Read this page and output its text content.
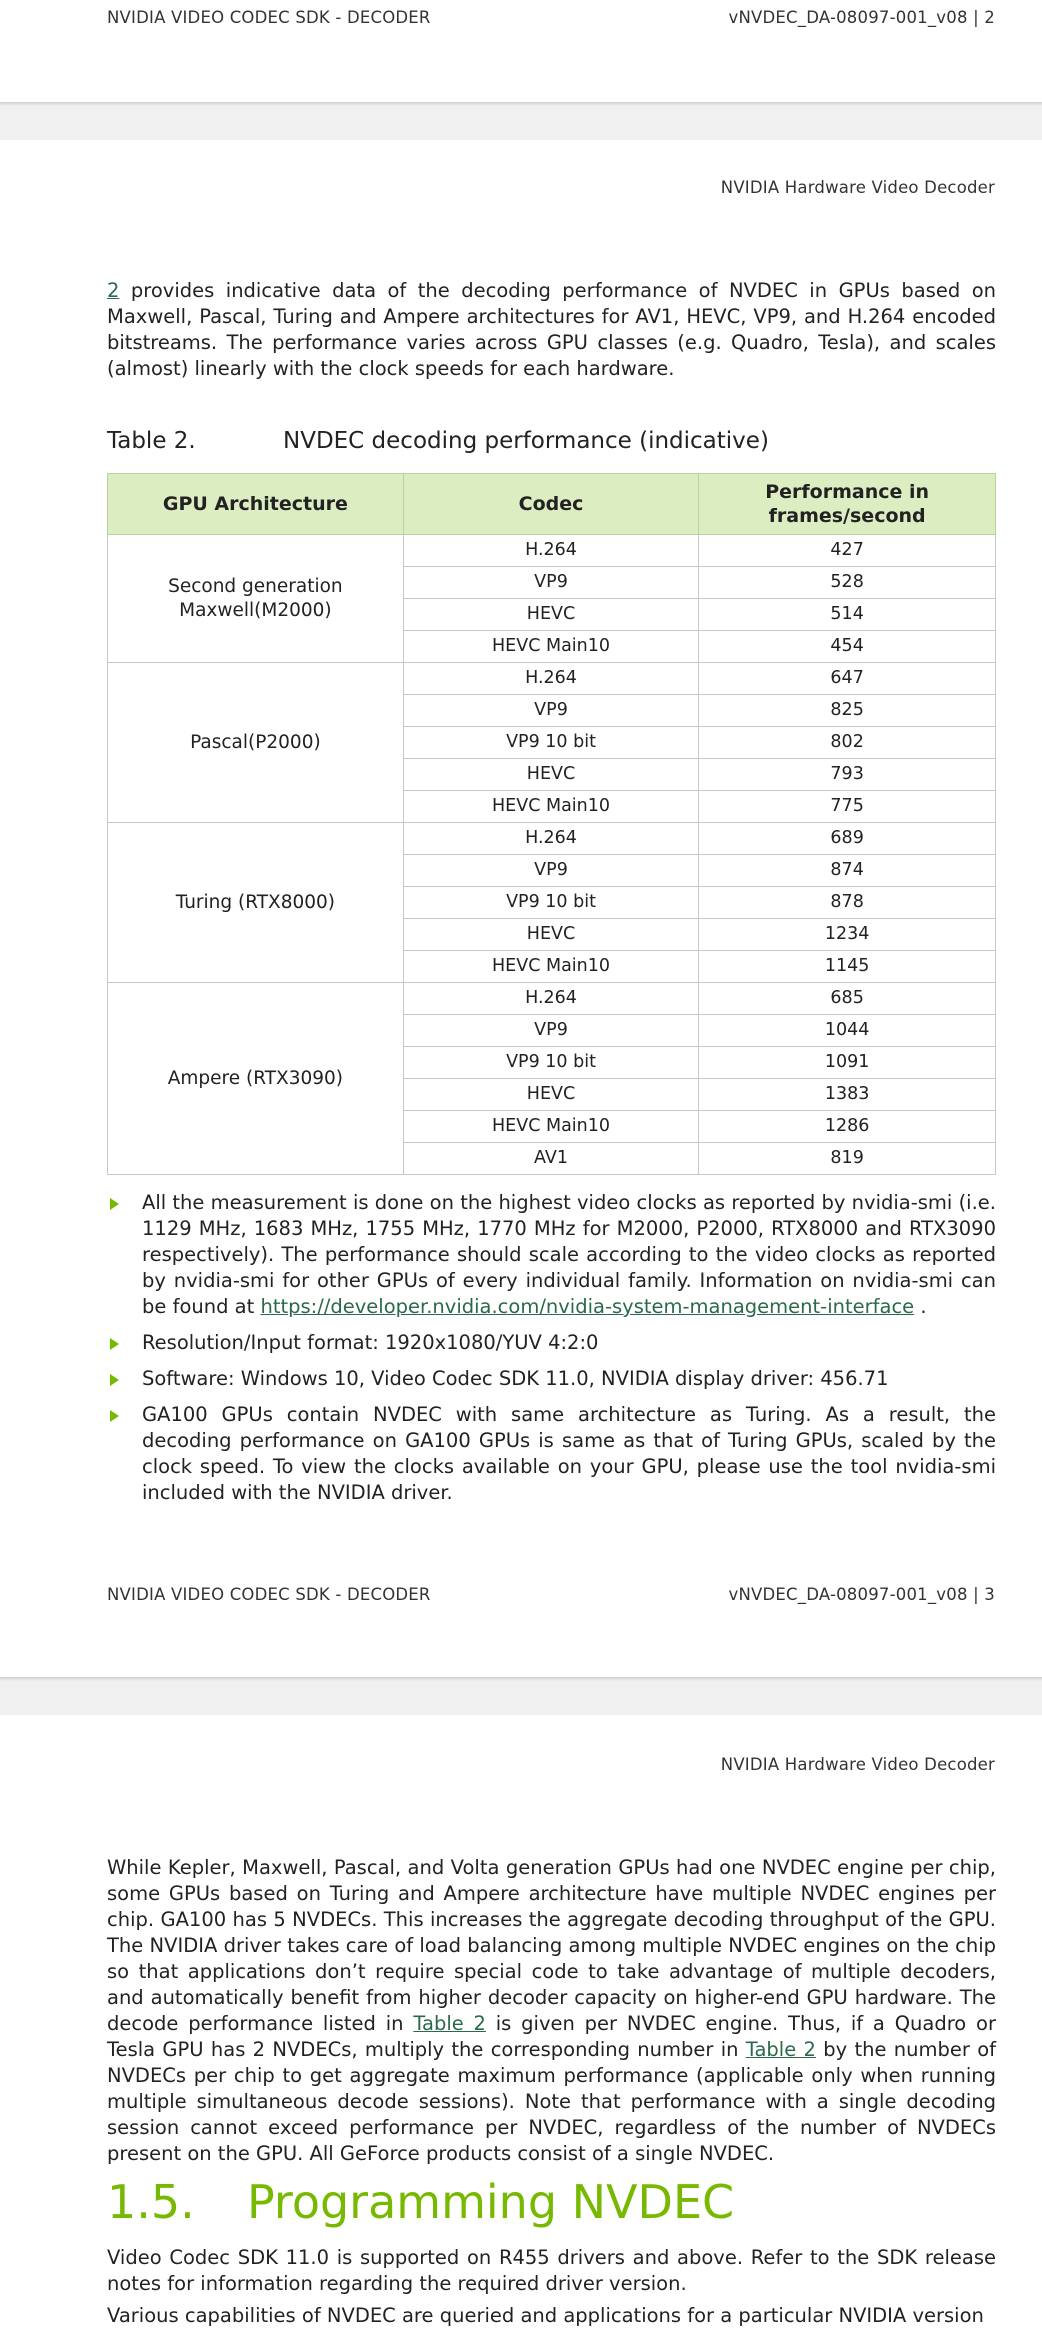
NVIDIA VIDEO CODEC SDK - DECODER	vNVDEC_DA-08097-001_v08 | 2
NVIDIA Hardware Video Decoder
2 provides indicative data of the decoding performance of NVDEC in GPUs based on Maxwell, Pascal, Turing and Ampere architectures for AV1, HEVC, VP9, and H.264 encoded bitstreams. The performance varies across GPU classes (e.g. Quadro, Tesla), and scales (almost) linearly with the clock speeds for each hardware.
Table 2.	NVDEC decoding performance (indicative)
GPU Architecture	Codec	Performance in frames/second

Second generation Maxwell(M2000)	H.264	427
	VP9	528
	HEVC	514
	HEVC Main10	454
Pascal(P2000)	H.264	647
	VP9	825
	VP9 10 bit	802
	HEVC	793
	HEVC Main10	775
Turing (RTX8000)	H.264	689
	VP9	874
	VP9 10 bit	878
	HEVC	1234
	HEVC Main10	1145
Ampere (RTX3090)	H.264	685
	VP9	1044
	VP9 10 bit	1091
	HEVC	1383
	HEVC Main10	1286
	AV1	819
All the measurement is done on the highest video clocks as reported by nvidia-smi (i.e. 1129 MHz, 1683 MHz, 1755 MHz, 1770 MHz for M2000, P2000, RTX8000 and RTX3090 respectively). The performance should scale according to the video clocks as reported by nvidia-smi for other GPUs of every individual family. Information on nvidia-smi can be found at https://developer.nvidia.com/nvidia-system-management-interface .
Resolution/Input format: 1920x1080/YUV 4:2:0
Software: Windows 10, Video Codec SDK 11.0, NVIDIA display driver: 456.71
GA100 GPUs contain NVDEC with same architecture as Turing. As a result, the decoding performance on GA100 GPUs is same as that of Turing GPUs, scaled by the clock speed. To view the clocks available on your GPU, please use the tool nvidia-smi included with the NVIDIA driver.
NVIDIA VIDEO CODEC SDK - DECODER	vNVDEC_DA-08097-001_v08 | 3
NVIDIA Hardware Video Decoder
While Kepler, Maxwell, Pascal, and Volta generation GPUs had one NVDEC engine per chip, some GPUs based on Turing and Ampere architecture have multiple NVDEC engines per chip. GA100 has 5 NVDECs. This increases the aggregate decoding throughput of the GPU. The NVIDIA driver takes care of load balancing among multiple NVDEC engines on the chip so that applications don’t require special code to take advantage of multiple decoders, and automatically benefit from higher decoder capacity on higher-end GPU hardware. The decode performance listed in Table 2 is given per NVDEC engine. Thus, if a Quadro or Tesla GPU has 2 NVDECs, multiply the corresponding number in Table 2 by the number of NVDECs per chip to get aggregate maximum performance (applicable only when running multiple simultaneous decode sessions). Note that performance with a single decoding session cannot exceed performance per NVDEC, regardless of the number of NVDECs present on the GPU. All GeForce products consist of a single NVDEC.
1.5. Programming NVDEC
Video Codec SDK 11.0 is supported on R455 drivers and above. Refer to the SDK release notes for information regarding the required driver version.
Various capabilities of NVDEC are queried and applications for a particular NVIDIA version
